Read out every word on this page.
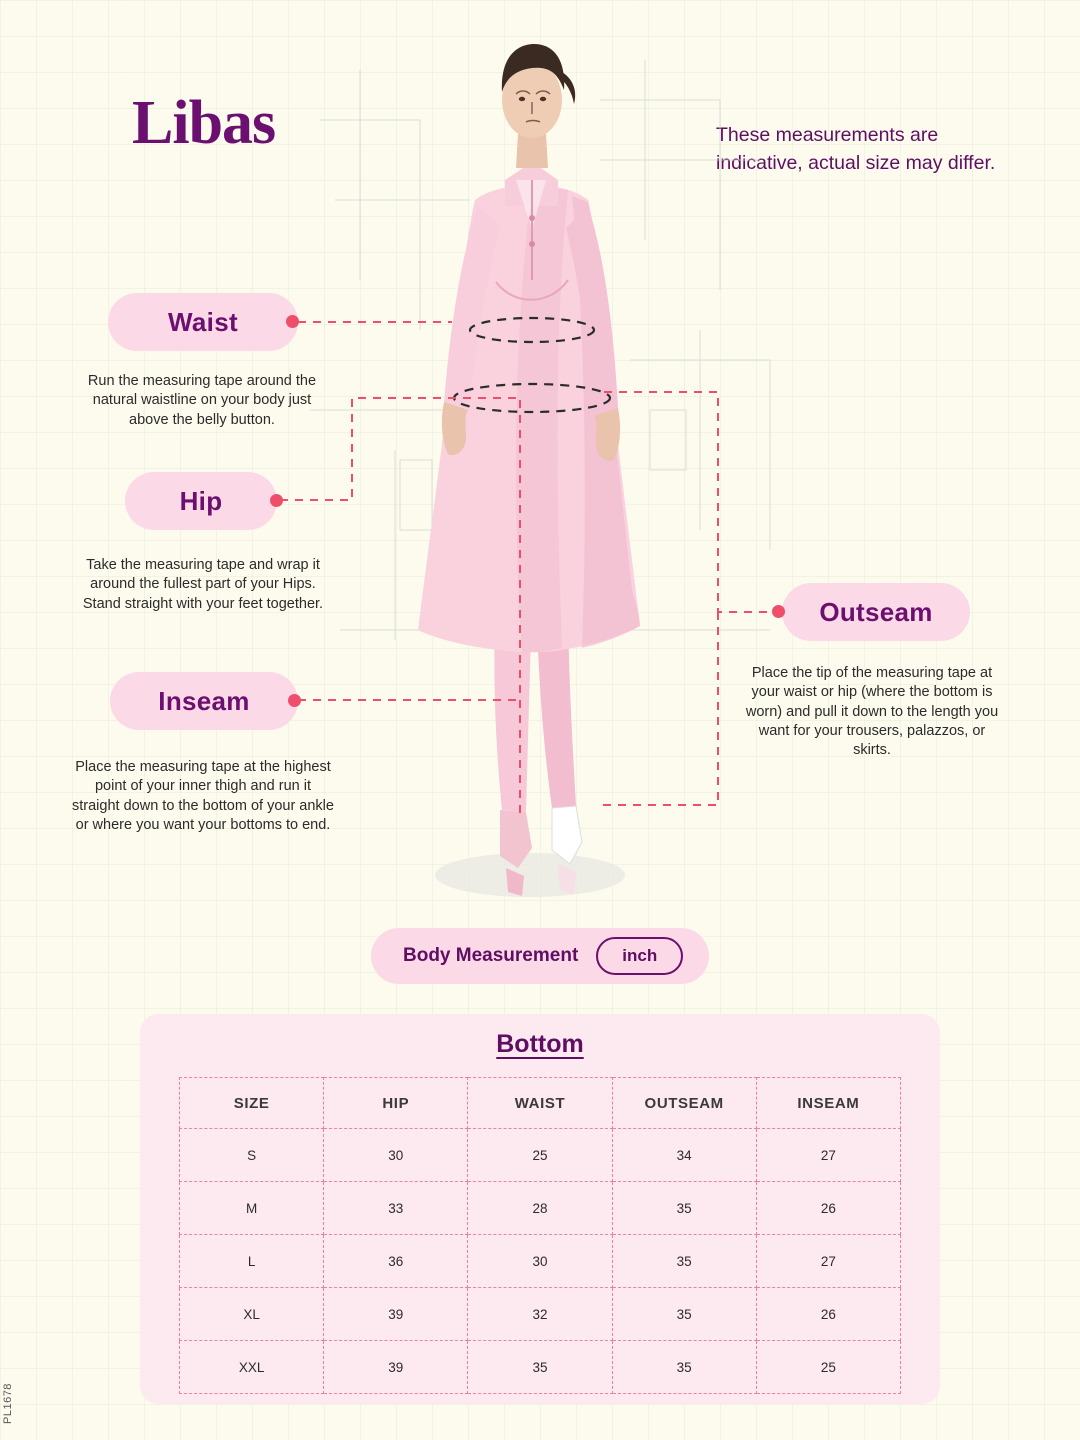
Libas	These measurements are indicative, actual size may differ.
Waist
Run the measuring tape around the natural waistline on your body just above the belly button.
Hip
Take the measuring tape and wrap it around the fullest part of your Hips. Stand straight with your feet together.
Inseam
Place the measuring tape at the highest point of your inner thigh and run it straight down to the bottom of your ankle or where you want your bottoms to end.
Outseam
Place the tip of the measuring tape at your waist or hip (where the bottom is worn) and pull it down to the length you want for your trousers, palazzos, or skirts.
Body Measurement	inch
Bottom
SIZE	HIP	WAIST	OUTSEAM	INSEAM
S	30	25	34	27
M	33	28	35	26
L	36	30	35	27
XL	39	32	35	26
XXL	39	35	35	25
PL1678
